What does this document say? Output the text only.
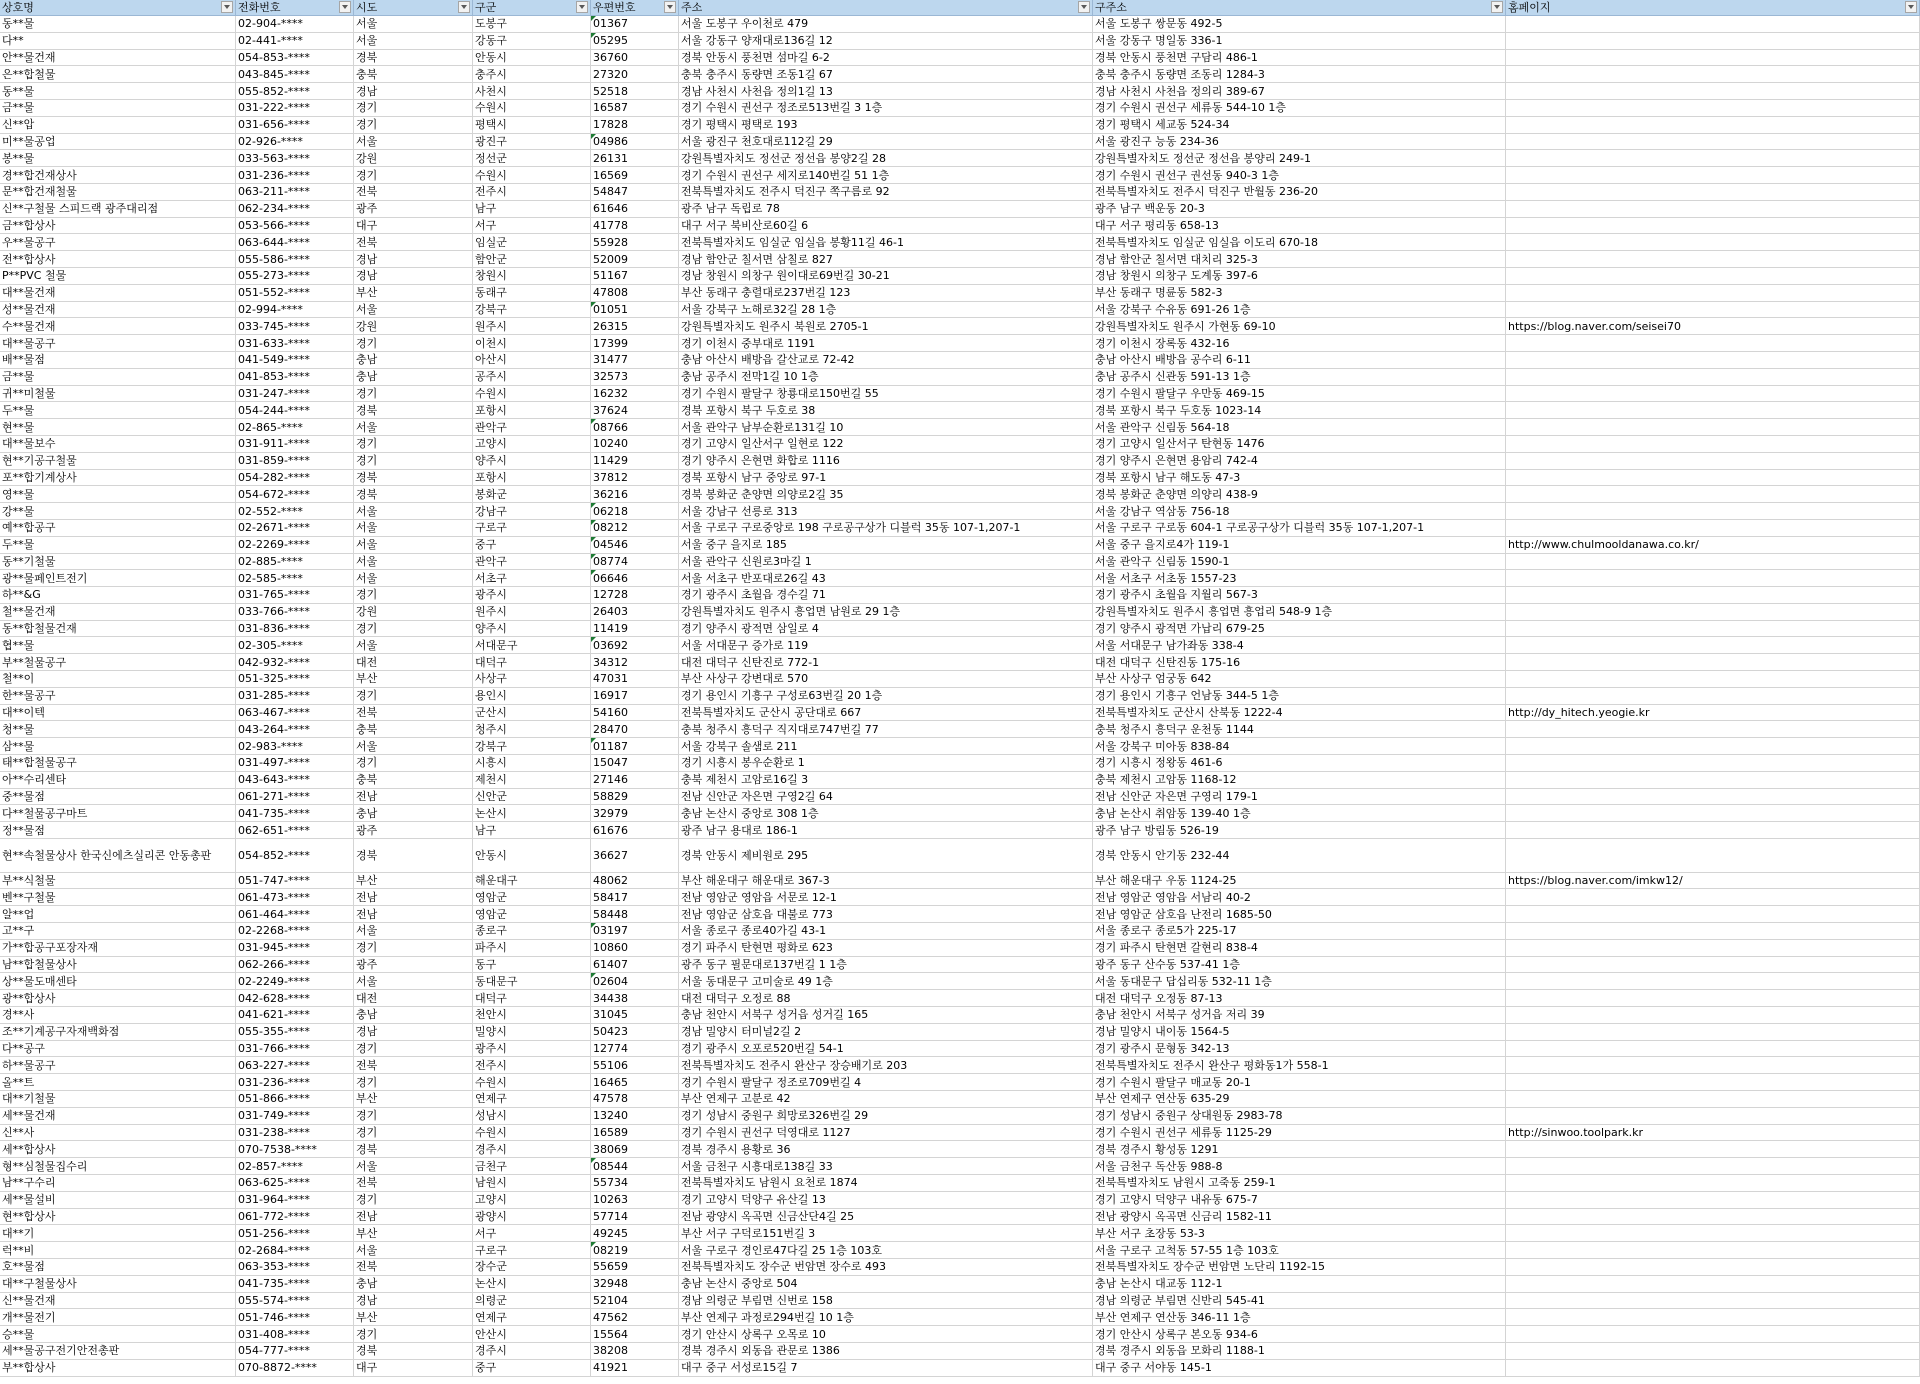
상호명	전화번호	시도	구군	우편번호	주소	구주소	홈페이지
동**물	02-904-****	서울	도봉구	01367	서울 도봉구 우이천로 479	서울 도봉구 쌍문동 492-5
다**	02-441-****	서울	강동구	05295	서울 강동구 양재대로136길 12	서울 강동구 명일동 336-1
안**물건재	054-853-****	경북	안동시	36760	경북 안동시 풍천면 섬마길 6-2	경북 안동시 풍천면 구담리 486-1
은**합철물	043-845-****	충북	충주시	27320	충북 충주시 동량면 조동1길 67	충북 충주시 동량면 조동리 1284-3
동**물	055-852-****	경남	사천시	52518	경남 사천시 사천읍 정의1길 13	경남 사천시 사천읍 정의리 389-67
금**물	031-222-****	경기	수원시	16587	경기 수원시 권선구 정조로513번길 3 1층	경기 수원시 권선구 세류동 544-10 1층
신**압	031-656-****	경기	평택시	17828	경기 평택시 평택로 193	경기 평택시 세교동 524-34
미**물공업	02-926-****	서울	광진구	04986	서울 광진구 천호대로112길 29	서울 광진구 능동 234-36
봉**물	033-563-****	강원	정선군	26131	강원특별자치도 정선군 정선읍 봉양2길 28	강원특별자치도 정선군 정선읍 봉양리 249-1
경**합건재상사	031-236-****	경기	수원시	16569	경기 수원시 권선구 세지로140번길 51 1층	경기 수원시 권선구 권선동 940-3 1층
문**합건재철물	063-211-****	전북	전주시	54847	전북특별자치도 전주시 덕진구 쪽구름로 92	전북특별자치도 전주시 덕진구 반월동 236-20
신**구철물 스피드랙 광주대리점	062-234-****	광주	남구	61646	광주 남구 독립로 78	광주 남구 백운동 20-3
금**합상사	053-566-****	대구	서구	41778	대구 서구 북비산로60길 6	대구 서구 평리동 658-13
우**물공구	063-644-****	전북	임실군	55928	전북특별자치도 임실군 임실읍 봉황11길 46-1	전북특별자치도 임실군 임실읍 이도리 670-18
전**합상사	055-586-****	경남	함안군	52009	경남 함안군 칠서면 삼칠로 827	경남 함안군 칠서면 대치리 325-3
P**PVC 철물	055-273-****	경남	창원시	51167	경남 창원시 의창구 원이대로69번길 30-21	경남 창원시 의창구 도계동 397-6
대**물건재	051-552-****	부산	동래구	47808	부산 동래구 충렬대로237번길 123	부산 동래구 명륜동 582-3
성**물건재	02-994-****	서울	강북구	01051	서울 강북구 노해로32길 28 1층	서울 강북구 수유동 691-26 1층
수**물건재	033-745-****	강원	원주시	26315	강원특별자치도 원주시 북원로 2705-1	강원특별자치도 원주시 가현동 69-10	https://blog.naver.com/seisei70
대**물공구	031-633-****	경기	이천시	17399	경기 이천시 중부대로 1191	경기 이천시 장록동 432-16
배**물점	041-549-****	충남	아산시	31477	충남 아산시 배방읍 갈산교로 72-42	충남 아산시 배방읍 공수리 6-11
금**물	041-853-****	충남	공주시	32573	충남 공주시 전막1길 10 1층	충남 공주시 신관동 591-13 1층
귀**미철물	031-247-****	경기	수원시	16232	경기 수원시 팔달구 창룡대로150번길 55	경기 수원시 팔달구 우만동 469-15
두**물	054-244-****	경북	포항시	37624	경북 포항시 북구 두호로 38	경북 포항시 북구 두호동 1023-14
현**물	02-865-****	서울	관악구	08766	서울 관악구 남부순환로131길 10	서울 관악구 신림동 564-18
대**물보수	031-911-****	경기	고양시	10240	경기 고양시 일산서구 일현로 122	경기 고양시 일산서구 탄현동 1476
현**기공구철물	031-859-****	경기	양주시	11429	경기 양주시 은현면 화합로 1116	경기 양주시 은현면 용암리 742-4
포**합기계상사	054-282-****	경북	포항시	37812	경북 포항시 남구 중앙로 97-1	경북 포항시 남구 해도동 47-3
영**물	054-672-****	경북	봉화군	36216	경북 봉화군 춘양면 의양로2길 35	경북 봉화군 춘양면 의양리 438-9
강**물	02-552-****	서울	강남구	06218	서울 강남구 선릉로 313	서울 강남구 역삼동 756-18
예**합공구	02-2671-****	서울	구로구	08212	서울 구로구 구로중앙로 198 구로공구상가 디블럭 35동 107-1,207-1	서울 구로구 구로동 604-1 구로공구상가 디블럭 35동 107-1,207-1
두**물	02-2269-****	서울	중구	04546	서울 중구 을지로 185	서울 중구 을지로4가 119-1	http://www.chulmooldanawa.co.kr/
동**기철물	02-885-****	서울	관악구	08774	서울 관악구 신원로3마길 1	서울 관악구 신림동 1590-1
광**물페인트전기	02-585-****	서울	서초구	06646	서울 서초구 반포대로26길 43	서울 서초구 서초동 1557-23
하**&G	031-765-****	경기	광주시	12728	경기 광주시 초월읍 경수길 71	경기 광주시 초월읍 지월리 567-3
철**물건재	033-766-****	강원	원주시	26403	강원특별자치도 원주시 흥업면 남원로 29 1층	강원특별자치도 원주시 흥업면 흥업리 548-9 1층
동**합철물건재	031-836-****	경기	양주시	11419	경기 양주시 광적면 삼일로 4	경기 양주시 광적면 가납리 679-25
협**물	02-305-****	서울	서대문구	03692	서울 서대문구 증가로 119	서울 서대문구 남가좌동 338-4
부**철물공구	042-932-****	대전	대덕구	34312	대전 대덕구 신탄진로 772-1	대전 대덕구 신탄진동 175-16
철**이	051-325-****	부산	사상구	47031	부산 사상구 강변대로 570	부산 사상구 엄궁동 642
한**물공구	031-285-****	경기	용인시	16917	경기 용인시 기흥구 구성로63번길 20 1층	경기 용인시 기흥구 언남동 344-5 1층
대**이텍	063-467-****	전북	군산시	54160	전북특별자치도 군산시 공단대로 667	전북특별자치도 군산시 산북동 1222-4	http://dy_hitech.yeogie.kr
청**물	043-264-****	충북	청주시	28470	충북 청주시 흥덕구 직지대로747번길 77	충북 청주시 흥덕구 운천동 1144
삼**물	02-983-****	서울	강북구	01187	서울 강북구 솔샘로 211	서울 강북구 미아동 838-84
태**합철물공구	031-497-****	경기	시흥시	15047	경기 시흥시 봉우순환로 1	경기 시흥시 정왕동 461-6
아**수리센타	043-643-****	충북	제천시	27146	충북 제천시 고암로16길 3	충북 제천시 고암동 1168-12
중**물점	061-271-****	전남	신안군	58829	전남 신안군 자은면 구영2길 64	전남 신안군 자은면 구영리 179-1
다**철물공구마트	041-735-****	충남	논산시	32979	충남 논산시 중앙로 308 1층	충남 논산시 취암동 139-40 1층
정**물점	062-651-****	광주	남구	61676	광주 남구 용대로 186-1	광주 남구 방림동 526-19
현**속철물상사 한국신에츠실리콘 안동총판	054-852-****	경북	안동시	36627	경북 안동시 제비원로 295	경북 안동시 안기동 232-44
부**식철물	051-747-****	부산	해운대구	48062	부산 해운대구 해운대로 367-3	부산 해운대구 우동 1124-25	https://blog.naver.com/imkw12/
벤**구철물	061-473-****	전남	영암군	58417	전남 영암군 영암읍 서문로 12-1	전남 영암군 영암읍 서남리 40-2
알**업	061-464-****	전남	영암군	58448	전남 영암군 삼호읍 대불로 773	전남 영암군 삼호읍 난전리 1685-50
고**구	02-2268-****	서울	종로구	03197	서울 종로구 종로40가길 43-1	서울 종로구 종로5가 225-17
가**합공구포장자재	031-945-****	경기	파주시	10860	경기 파주시 탄현면 평화로 623	경기 파주시 탄현면 갈현리 838-4
남**합철물상사	062-266-****	광주	동구	61407	광주 동구 필문대로137번길 1 1층	광주 동구 산수동 537-41 1층
상**물도매센타	02-2249-****	서울	동대문구	02604	서울 동대문구 고미술로 49 1층	서울 동대문구 답십리동 532-11 1층
광**합상사	042-628-****	대전	대덕구	34438	대전 대덕구 오정로 88	대전 대덕구 오정동 87-13
경**사	041-621-****	충남	천안시	31045	충남 천안시 서북구 성거읍 성거길 165	충남 천안시 서북구 성거읍 저리 39
조**기계공구자재백화점	055-355-****	경남	밀양시	50423	경남 밀양시 터미널2길 2	경남 밀양시 내이동 1564-5
다**공구	031-766-****	경기	광주시	12774	경기 광주시 오포로520번길 54-1	경기 광주시 문형동 342-13
하**물공구	063-227-****	전북	전주시	55106	전북특별자치도 전주시 완산구 장승배기로 203	전북특별자치도 전주시 완산구 평화동1가 558-1
올**트	031-236-****	경기	수원시	16465	경기 수원시 팔달구 정조로709번길 4	경기 수원시 팔달구 매교동 20-1
대**기철물	051-866-****	부산	연제구	47578	부산 연제구 고분로 42	부산 연제구 연산동 635-29
세**물건재	031-749-****	경기	성남시	13240	경기 성남시 중원구 희망로326번길 29	경기 성남시 중원구 상대원동 2983-78
신**사	031-238-****	경기	수원시	16589	경기 수원시 권선구 덕영대로 1127	경기 수원시 권선구 세류동 1125-29	http://sinwoo.toolpark.kr
세**합상사	070-7538-****	경북	경주시	38069	경북 경주시 용황로 36	경북 경주시 황성동 1291
형**심철물집수리	02-857-****	서울	금천구	08544	서울 금천구 시흥대로138길 33	서울 금천구 독산동 988-8
남**구수리	063-625-****	전북	남원시	55734	전북특별자치도 남원시 요천로 1874	전북특별자치도 남원시 고죽동 259-1
세**물설비	031-964-****	경기	고양시	10263	경기 고양시 덕양구 유산길 13	경기 고양시 덕양구 내유동 675-7
현**합상사	061-772-****	전남	광양시	57714	전남 광양시 옥곡면 신금산단4길 25	전남 광양시 옥곡면 신금리 1582-11
대**기	051-256-****	부산	서구	49245	부산 서구 구덕로151번길 3	부산 서구 초장동 53-3
럭**비	02-2684-****	서울	구로구	08219	서울 구로구 경인로47다길 25 1층 103호	서울 구로구 고척동 57-55 1층 103호
호**물점	063-353-****	전북	장수군	55659	전북특별자치도 장수군 번암면 장수로 493	전북특별자치도 장수군 번암면 노단리 1192-15
대**구철물상사	041-735-****	충남	논산시	32948	충남 논산시 중앙로 504	충남 논산시 대교동 112-1
신**물건재	055-574-****	경남	의령군	52104	경남 의령군 부림면 신번로 158	경남 의령군 부림면 신반리 545-41
개**물전기	051-746-****	부산	연제구	47562	부산 연제구 과정로294번길 10 1층	부산 연제구 연산동 346-11 1층
승**물	031-408-****	경기	안산시	15564	경기 안산시 상록구 오목로 10	경기 안산시 상록구 본오동 934-6
세**물공구전기안전총판	054-777-****	경북	경주시	38208	경북 경주시 외동읍 관문로 1386	경북 경주시 외동읍 모화리 1188-1
부**합상사	070-8872-****	대구	중구	41921	대구 중구 서성로15길 7	대구 중구 서야동 145-1
